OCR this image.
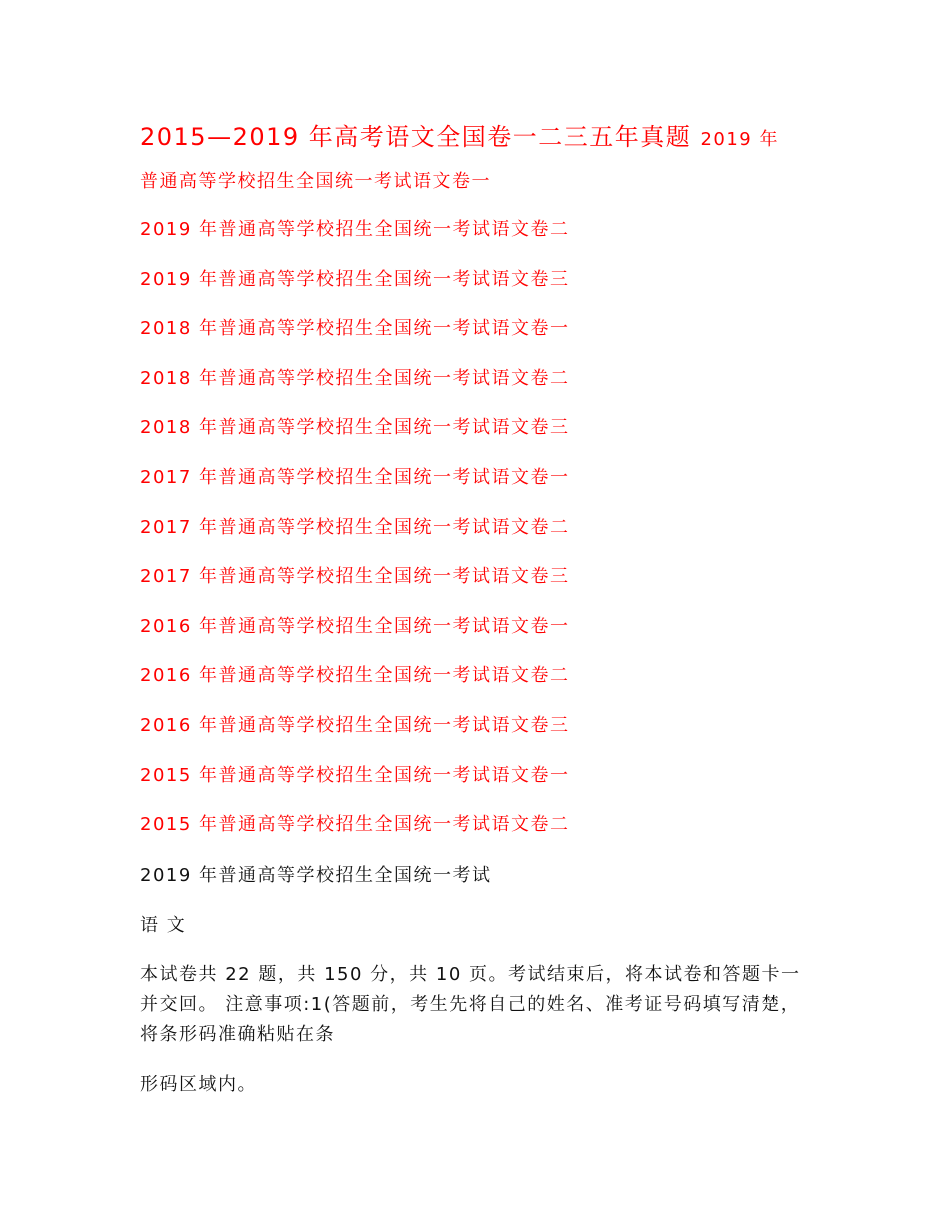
2015—2019 年高考语文全国卷一二三五年真题 2019 年
普通高等学校招生全国统一考试语文卷一
2019 年普通高等学校招生全国统一考试语文卷二
2019 年普通高等学校招生全国统一考试语文卷三
2018 年普通高等学校招生全国统一考试语文卷一
2018 年普通高等学校招生全国统一考试语文卷二
2018 年普通高等学校招生全国统一考试语文卷三
2017 年普通高等学校招生全国统一考试语文卷一
2017 年普通高等学校招生全国统一考试语文卷二
2017 年普通高等学校招生全国统一考试语文卷三
2016 年普通高等学校招生全国统一考试语文卷一
2016 年普通高等学校招生全国统一考试语文卷二
2016 年普通高等学校招生全国统一考试语文卷三
2015 年普通高等学校招生全国统一考试语文卷一
2015 年普通高等学校招生全国统一考试语文卷二
2019 年普通高等学校招生全国统一考试
语 文
本试卷共 22 题，共 150 分，共 10 页。考试结束后，将本试卷和答题卡一并交回。 注意事项:1(答题前，考生先将自己的姓名、准考证号码填写清楚，将条形码准确粘贴在条
形码区域内。
